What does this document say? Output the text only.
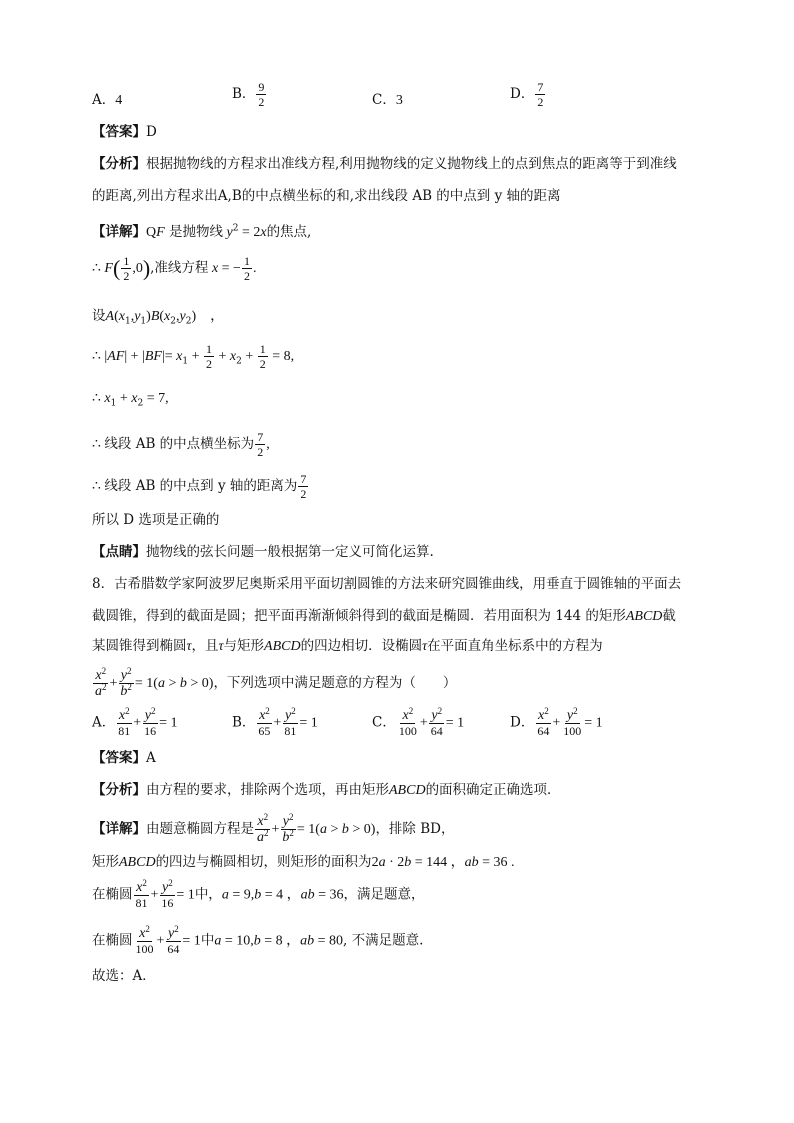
A．4	B． $\frac{9}{2}$	C．3	D． $\frac{7}{2}$
【答案】D
【分析】根据抛物线的方程求出准线方程,利用抛物线的定义抛物线上的点到焦点的距离等于到准线
的距离,列出方程求出A,B的中点横坐标的和,求出线段 AB 的中点到 y 轴的距离
【详解】QF 是抛物线 $y^2 = 2x$的焦点,
∴ $F( \frac{1}{2} ,0)$,准线方程 x = − $\frac{1}{2}$ .
设$A(x_1,y_1)B(x_2,y_2)$　，
∴ $|AF| + |BF|= x_1 + \frac{1}{2} + x_2 + \frac{1}{2} = 8$,
∴ $x_1 + x_2 = 7$,
∴ 线段 AB 的中点横坐标为 $\frac{7}{2}$ ,
∴ 线段 AB 的中点到 y 轴的距离为 $\frac{7}{2}$
所以 D 选项是正确的
【点睛】抛物线的弦长问题一般根据第一定义可简化运算.
8．古希腊数学家阿波罗尼奥斯采用平面切割圆锥的方法来研究圆锥曲线，用垂直于圆锥轴的平面去
截圆锥，得到的截面是圆；把平面再渐渐倾斜得到的截面是椭圆．若用面积为 144 的矩形ABCD截
某圆锥得到椭圆τ，且τ与矩形ABCD的四边相切．设椭圆τ在平面直角坐标系中的方程为
$\frac{x^2}{a^2} + \frac{y^2}{b^2} = 1(a > b > 0)$，下列选项中满足题意的方程为（　　）
A． $\frac{x^2}{81} + \frac{y^2}{16} = 1$	B． $\frac{x^2}{65} + \frac{y^2}{81} = 1$	C． $\frac{x^2}{100} + \frac{y^2}{64} = 1$	D． $\frac{x^2}{64} + \frac{y^2}{100} = 1$
【答案】A
【分析】由方程的要求，排除两个选项，再由矩形ABCD的面积确定正确选项．
【详解】由题意椭圆方程是 $\frac{x^2}{a^2} + \frac{y^2}{b^2} = 1(a > b > 0)$，排除 BD，
矩形ABCD的四边与椭圆相切，则矩形的面积为2a · 2b = 144 ，ab = 36 .
在椭圆 $\frac{x^2}{81} + \frac{y^2}{16} = 1$中，a = 9,b = 4 ，ab = 36，满足题意，
在椭圆 $\frac{x^2}{100} + \frac{y^2}{64} = 1$中a = 10,b = 8 ，ab = 80, 不满足题意.
故选：A．
